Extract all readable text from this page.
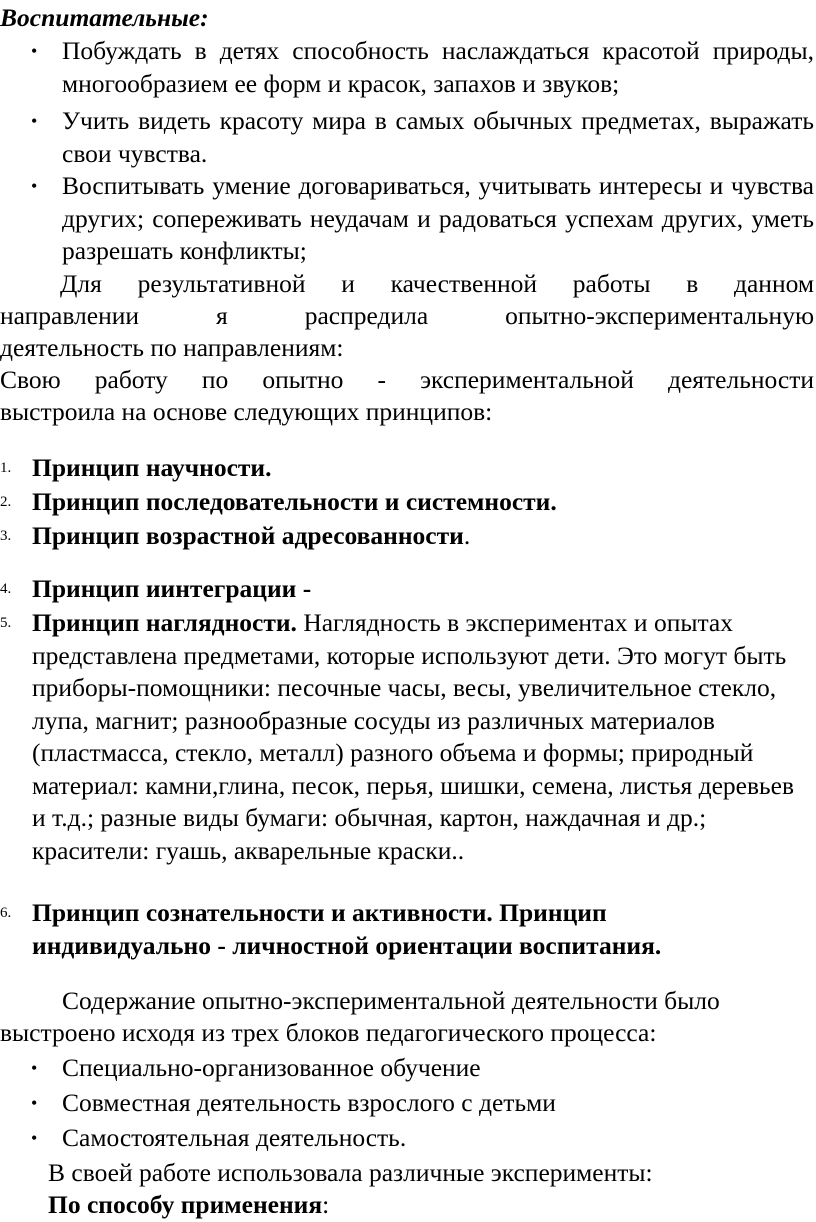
Воспитательные:
• Побуждать в детях способность наслаждаться красотой природы, многообразием ее форм и красок, запахов и звуков;
• Учить видеть красоту мира в самых обычных предметах, выражать свои чувства.
• Воспитывать умение договариваться, учитывать интересы и чувства других; сопереживать неудачам и радоваться успехам других, уметь разрешать конфликты;
Для результативной и качественной работы в данном
направлении я распредила опытно-экспериментальную
деятельность по направлениям:
Свою работу по опытно - экспериментальной деятельности
выстроила на основе следующих принципов:
1. Принцип научности.
2. Принцип последовательности и системности.
3. Принцип возрастной адресованности.
4. Принцип иинтеграции -
5. Принцип наглядности. Наглядность в экспериментах и опытах представлена предметами, которые используют дети. Это могут быть приборы-помощники: песочные часы, весы, увеличительное стекло, лупа, магнит; разнообразные сосуды из различных материалов (пластмасса, стекло, металл) разного объема и формы; природный материал: камни,глина, песок, перья, шишки, семена, листья деревьев и т.д.; разные виды бумаги: обычная, картон, наждачная и др.; красители: гуашь, акварельные краски..
6. Принцип сознательности и активности. Принцип индивидуально - личностной ориентации воспитания.
Содержание опытно-экспериментальной деятельности было
выстроено исходя из трех блоков педагогического процесса:
• Специально-организованное обучение
• Совместная деятельность взрослого с детьми
• Самостоятельная деятельность.
В своей работе использовала различные эксперименты:
По способу применения:
